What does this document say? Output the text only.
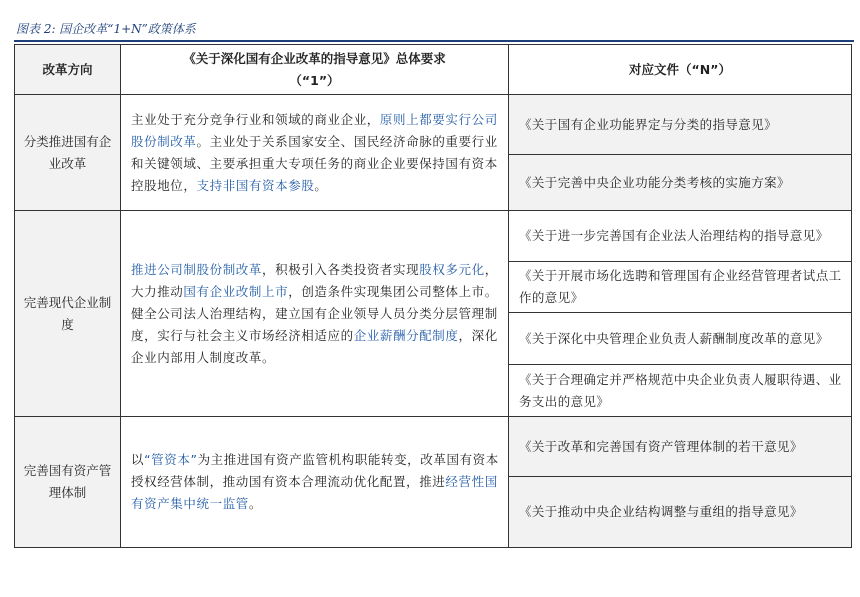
图表 2: 国企改革“1+N”政策体系
改革方向
《关于深化国有企业改革的指导意见》总体要求
（“1”）
对应文件（“N”）
分类推进国有企业改革
主业处于充分竞争行业和领域的商业企业，原则上都要实行公司股份制改革。主业处于关系国家安全、国民经济命脉的重要行业和关键领域、主要承担重大专项任务的商业企业要保持国有资本控股地位，支持非国有资本参股。
《关于国有企业功能界定与分类的指导意见》
《关于完善中央企业功能分类考核的实施方案》
完善现代企业制度
推进公司制股份制改革，积极引入各类投资者实现股权多元化，大力推动国有企业改制上市，创造条件实现集团公司整体上市。健全公司法人治理结构，建立国有企业领导人员分类分层管理制度，实行与社会主义市场经济相适应的企业薪酬分配制度，深化企业内部用人制度改革。
《关于进一步完善国有企业法人治理结构的指导意见》
《关于开展市场化选聘和管理国有企业经营管理者试点工作的意见》
《关于深化中央管理企业负责人薪酬制度改革的意见》
《关于合理确定并严格规范中央企业负责人履职待遇、业务支出的意见》
完善国有资产管理体制
以“管资本”为主推进国有资产监管机构职能转变，改革国有资本授权经营体制，推动国有资本合理流动优化配置，推进经营性国有资产集中统一监管。
《关于改革和完善国有资产管理体制的若干意见》
《关于推动中央企业结构调整与重组的指导意见》
